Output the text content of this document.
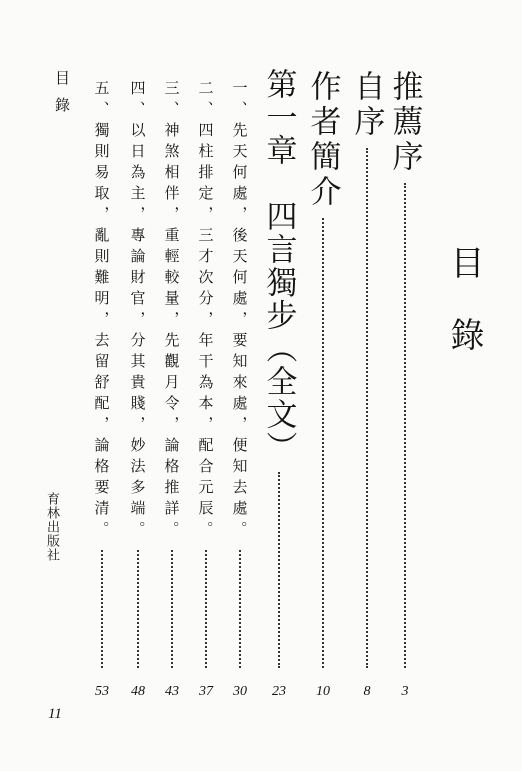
目錄
推薦序
3
自序
8
作者簡介
10
第一章　四言獨步（全文）
23
一、先天何處，後天何處，要知來處，便知去處。
30
二、四柱排定，三才次分，年干為本，配合元辰。
37
三、神煞相伴，重輕較量，先觀月令，論格推詳。
43
四、以日為主，專論財官，分其貴賤，妙法多端。
48
五、獨則易取，亂則難明，去留舒配，論格要清。
53
目錄
育林出版社
11
